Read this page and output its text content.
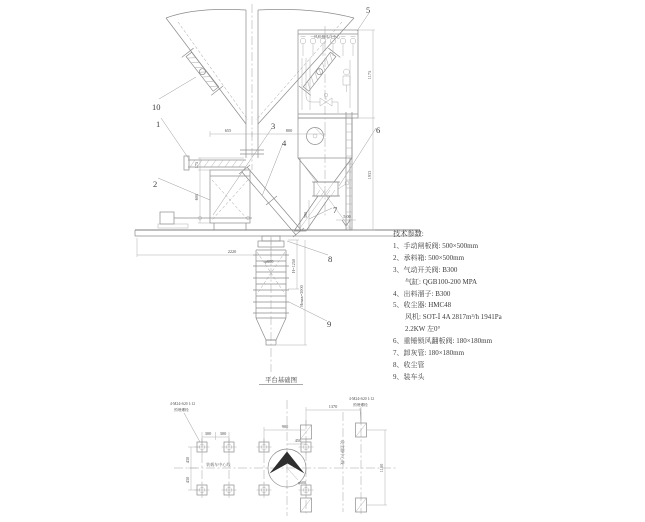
10
1
2
3
4
5
6
7
8
9
风机排风口中心
655	800
175
600
390
1175
1933
2220
φ600	H=1250
Hmax=3000
5.00
平台基础图
300 300
900
450
1370
430
430
1100
φ600
4-M24×620 1:12
预埋螺栓
4-M24×620 1:12
预埋螺栓
装载车中心线	收尘器中心线
技术参数:
1、手动闸板阀: 500×500mm
2、承料箱: 500×500mm
3、气动开关阀: B300
气缸: QGB100-200 MPA
4、出料溜子: B300
5、收尘器: HMC48
风机: SOT-Ⅰ 4A 2817m³/h 1941Pa
2.2KW 左0°
6、重锤锁风翻板阀: 180×180mm
7、卸灰管: 180×180mm
8、收尘管
9、装车头
